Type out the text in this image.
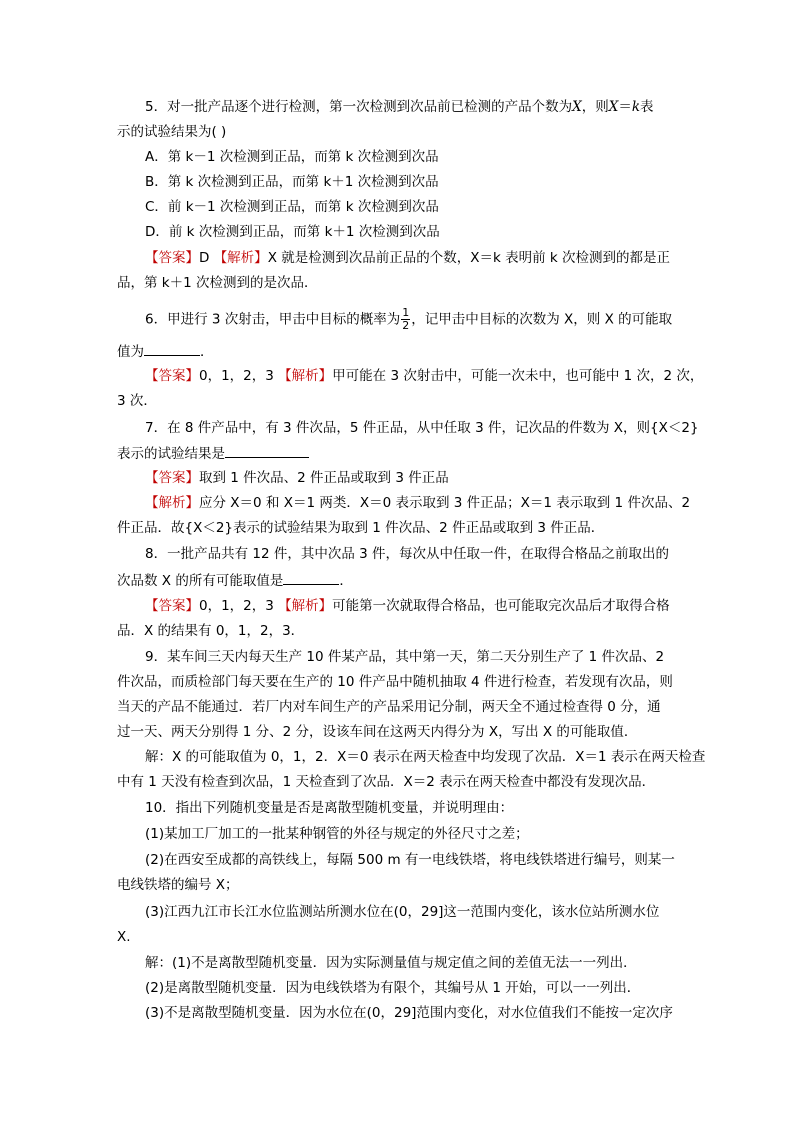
5．对一批产品逐个进行检测，第一次检测到次品前已检测的产品个数为X，则X＝k表
示的试验结果为( )
A．第 k－1 次检测到正品，而第 k 次检测到次品
B．第 k 次检测到正品，而第 k＋1 次检测到次品
C．前 k－1 次检测到正品，而第 k 次检测到次品
D．前 k 次检测到正品，而第 k＋1 次检测到次品
【答案】D 【解析】X 就是检测到次品前正品的个数，X＝k 表明前 k 次检测到的都是正
品，第 k＋1 次检测到的是次品．
6．甲进行 3 次射击，甲击中目标的概率为 $\frac{1}{2}$ ，记甲击中目标的次数为 X，则 X 的可能取
值为	．
【答案】0，1，2，3 【解析】甲可能在 3 次射击中，可能一次未中，也可能中 1 次，2 次，
3 次．
7．在 8 件产品中，有 3 件次品，5 件正品，从中任取 3 件，记次品的件数为 X，则{X＜2}
表示的试验结果是
【答案】取到 1 件次品、2 件正品或取到 3 件正品
【解析】应分 X＝0 和 X＝1 两类．X＝0 表示取到 3 件正品；X＝1 表示取到 1 件次品、2
件正品．故{X＜2}表示的试验结果为取到 1 件次品、2 件正品或取到 3 件正品．
8．一批产品共有 12 件，其中次品 3 件，每次从中任取一件，在取得合格品之前取出的
次品数 X 的所有可能取值是	．
【答案】0，1，2，3 【解析】可能第一次就取得合格品，也可能取完次品后才取得合格
品．X 的结果有 0，1，2，3．
9．某车间三天内每天生产 10 件某产品，其中第一天，第二天分别生产了 1 件次品、2
件次品，而质检部门每天要在生产的 10 件产品中随机抽取 4 件进行检查，若发现有次品，则
当天的产品不能通过．若厂内对车间生产的产品采用记分制，两天全不通过检查得 0 分，通
过一天、两天分别得 1 分、2 分，设该车间在这两天内得分为 X，写出 X 的可能取值．
解：X 的可能取值为 0，1，2．X＝0 表示在两天检查中均发现了次品．X＝1 表示在两天检查
中有 1 天没有检查到次品，1 天检查到了次品．X＝2 表示在两天检查中都没有发现次品．
10．指出下列随机变量是否是离散型随机变量，并说明理由：
(1)某加工厂加工的一批某种钢管的外径与规定的外径尺寸之差；
(2)在西安至成都的高铁线上，每隔 500 m 有一电线铁塔，将电线铁塔进行编号，则某一
电线铁塔的编号 X；
(3)江西九江市长江水位监测站所测水位在(0，29]这一范围内变化，该水位站所测水位
X.
解：(1)不是离散型随机变量．因为实际测量值与规定值之间的差值无法一一列出．
(2)是离散型随机变量．因为电线铁塔为有限个，其编号从 1 开始，可以一一列出．
(3)不是离散型随机变量．因为水位在(0，29]范围内变化，对水位值我们不能按一定次序
